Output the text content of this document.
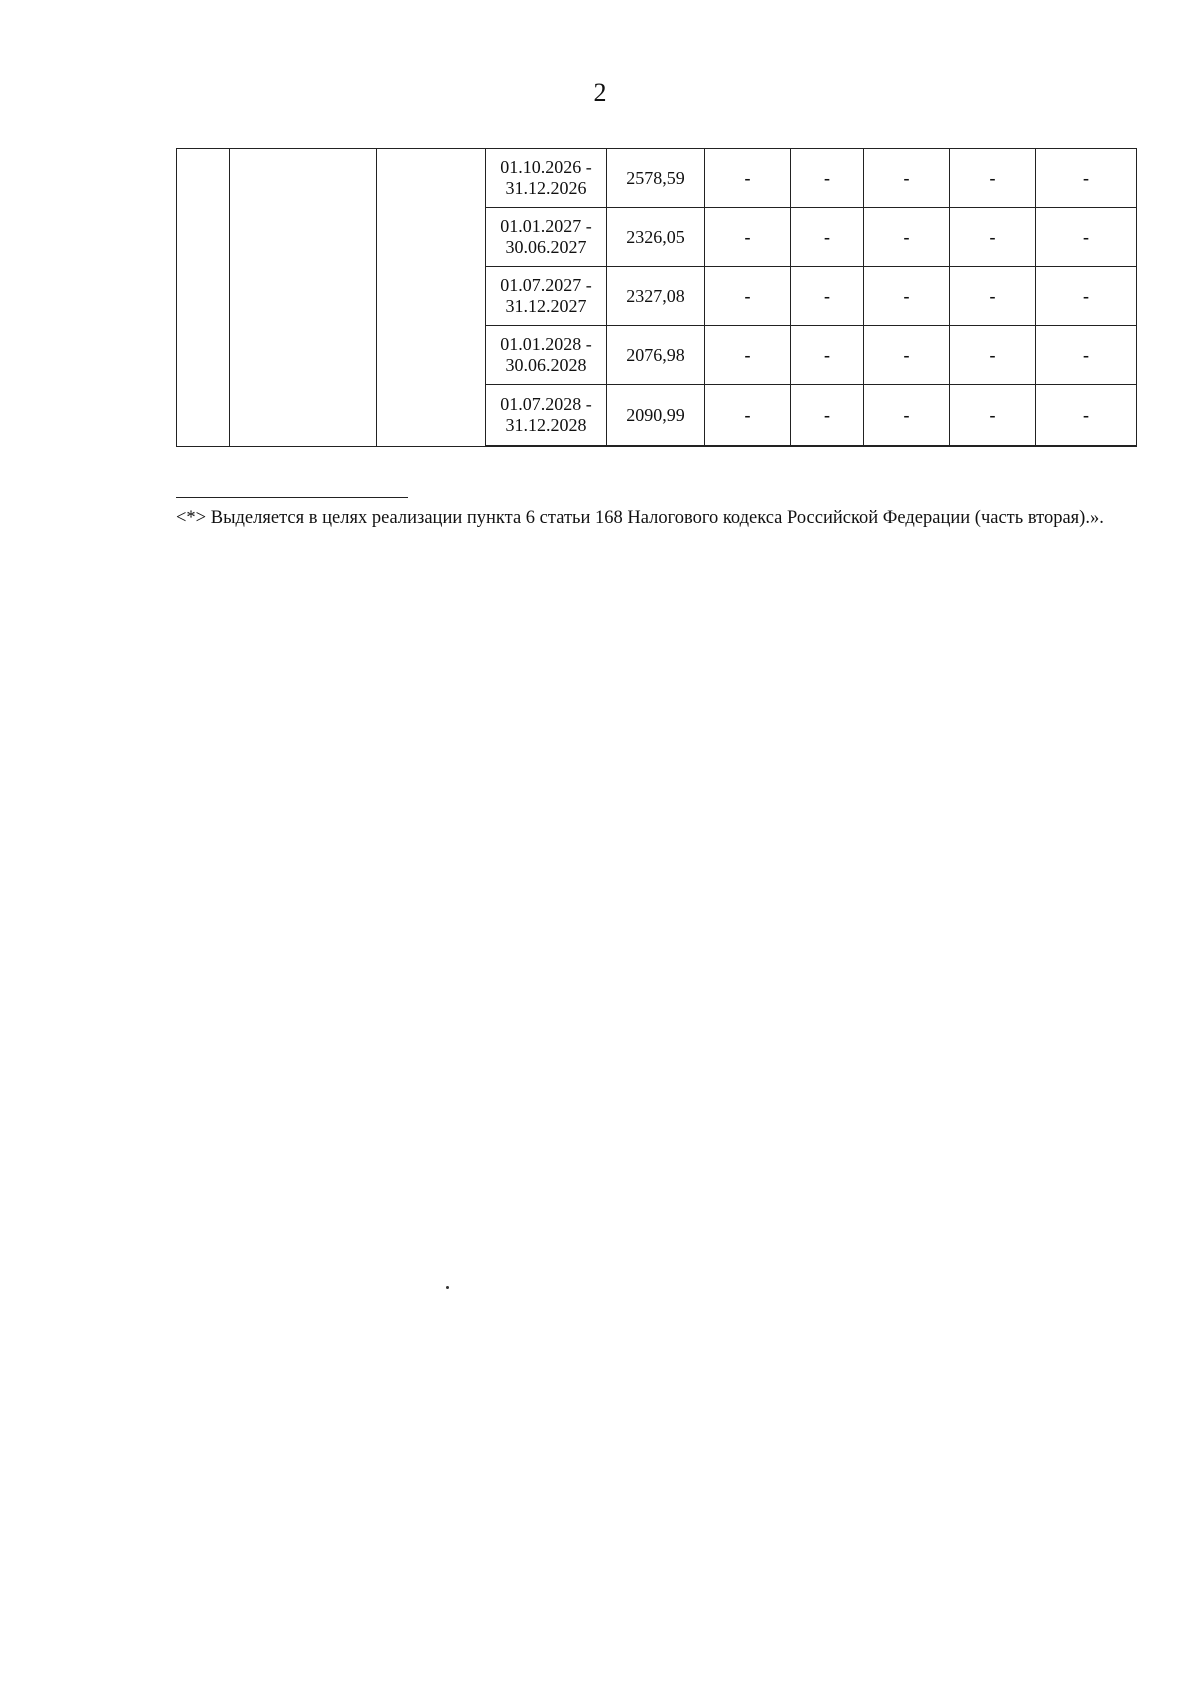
2

			01.10.2026 -
31.12.2026	2578,59	-	-	-	-	-

			01.01.2027 -
30.06.2027	2326,05	-	-	-	-	-

			01.07.2027 -
31.12.2027	2327,08	-	-	-	-	-

			01.01.2028 -
30.06.2028	2076,98	-	-	-	-	-

			01.07.2028 -
31.12.2028	2090,99	-	-	-	-	-
<*> Выделяется в целях реализации пункта 6 статьи 168 Налогового кодекса Российской Федерации (часть вторая).».
